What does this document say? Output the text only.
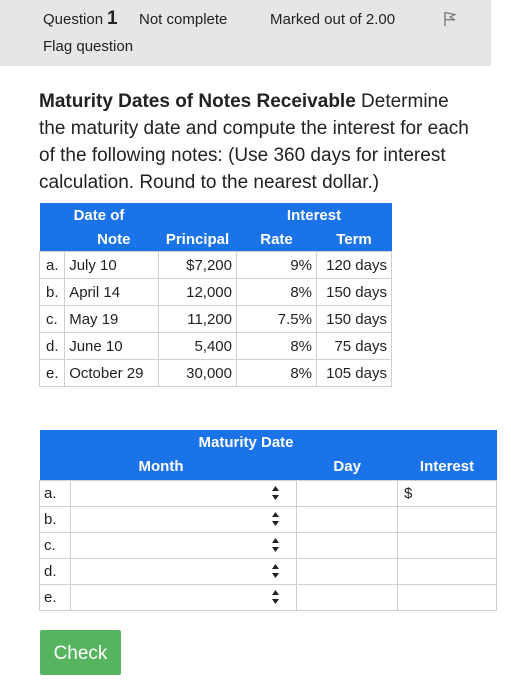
Question 1 Not complete	Marked out of 2.00
Flag question
Maturity Dates of Notes Receivable Determine the maturity date and compute the interest for each of the following notes: (Use 360 days for interest calculation. Round to the nearest dollar.)
Date of			Interest	
Note		Principal	Rate	Term
a.	July 10	$7,200	9%	120 days
b.	April 14	12,000	8%	150 days
c.	May 19	11,200	7.5%	150 days
d.	June 10	5,400	8%	75 days
e.	October 29	30,000	8%	105 days
	Maturity Date		
	Month	Day	Interest
a.			$
b.	

c.	

d.	

e.	

Check
